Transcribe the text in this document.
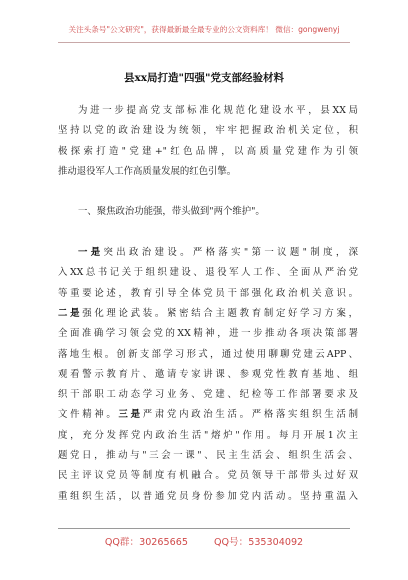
关注头条号"公文研究"，获得最新最全最专业的公文资料库！ 微信：gongwenyj
县xx局打造"四强"党支部经验材料
为进一步提高党支部标准化规范化建设水平，县XX局
坚持以党的政治建设为统领，牢牢把握政治机关定位，积
极探索打造"党建+"红色品牌，以高质量党建作为引领
推动退役军人工作高质量发展的红色引擎。
一、聚焦政治功能强，带头做到"两个维护"。
一是突出政治建设。严格落实"第一议题"制度，深
入XX总书记关于组织建设、退役军人工作、全面从严治党
等重要论述，教育引导全体党员干部强化政治机关意识。
二是强化理论武装。紧密结合主题教育制定好学习方案，
全面准确学习领会党的XX精神，进一步推动各项决策部署
落地生根。创新支部学习形式，通过使用聊聊党建云APP、
观看警示教育片、邀请专家讲课、参观党性教育基地、组
织干部职工动态学习业务、党建、纪检等工作部署要求及
文件精神。三是严肃党内政治生活。严格落实组织生活制
度，充分发挥党内政治生活"熔炉"作用。每月开展1次主
题党日，推动与"三会一课"、民主生活会、组织生活会、
民主评议党员等制度有机融合。党员领导干部带头过好双
重组织生活，以普通党员身份参加党内活动。坚持重温入
QQ群：30265665	QQ号：535304092
